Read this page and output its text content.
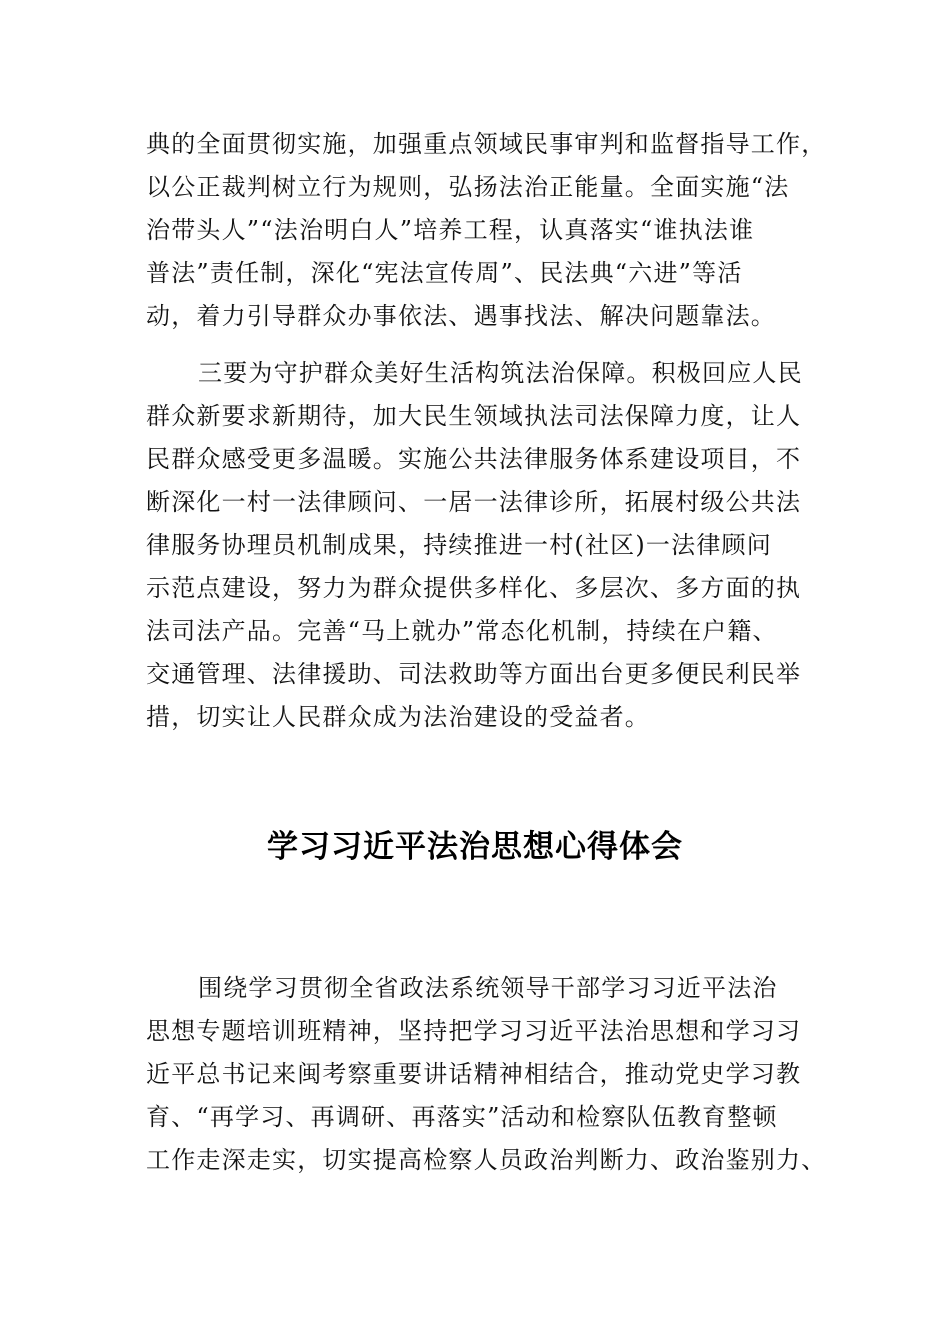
典的全面贯彻实施，加强重点领域民事审判和监督指导工作，
以公正裁判树立行为规则，弘扬法治正能量。全面实施“法
治带头人”“法治明白人”培养工程，认真落实“谁执法谁
普法”责任制，深化“宪法宣传周”、民法典“六进”等活
动，着力引导群众办事依法、遇事找法、解决问题靠法。

三要为守护群众美好生活构筑法治保障。积极回应人民
群众新要求新期待，加大民生领域执法司法保障力度，让人
民群众感受更多温暖。实施公共法律服务体系建设项目，不
断深化一村一法律顾问、一居一法律诊所，拓展村级公共法
律服务协理员机制成果，持续推进一村(社区)一法律顾问
示范点建设，努力为群众提供多样化、多层次、多方面的执
法司法产品。完善“马上就办”常态化机制，持续在户籍、
交通管理、法律援助、司法救助等方面出台更多便民利民举
措，切实让人民群众成为法治建设的受益者。

学习习近平法治思想心得体会

围绕学习贯彻全省政法系统领导干部学习习近平法治
思想专题培训班精神，坚持把学习习近平法治思想和学习习
近平总书记来闽考察重要讲话精神相结合，推动党史学习教
育、“再学习、再调研、再落实”活动和检察队伍教育整顿
工作走深走实，切实提高检察人员政治判断力、政治鉴别力、
